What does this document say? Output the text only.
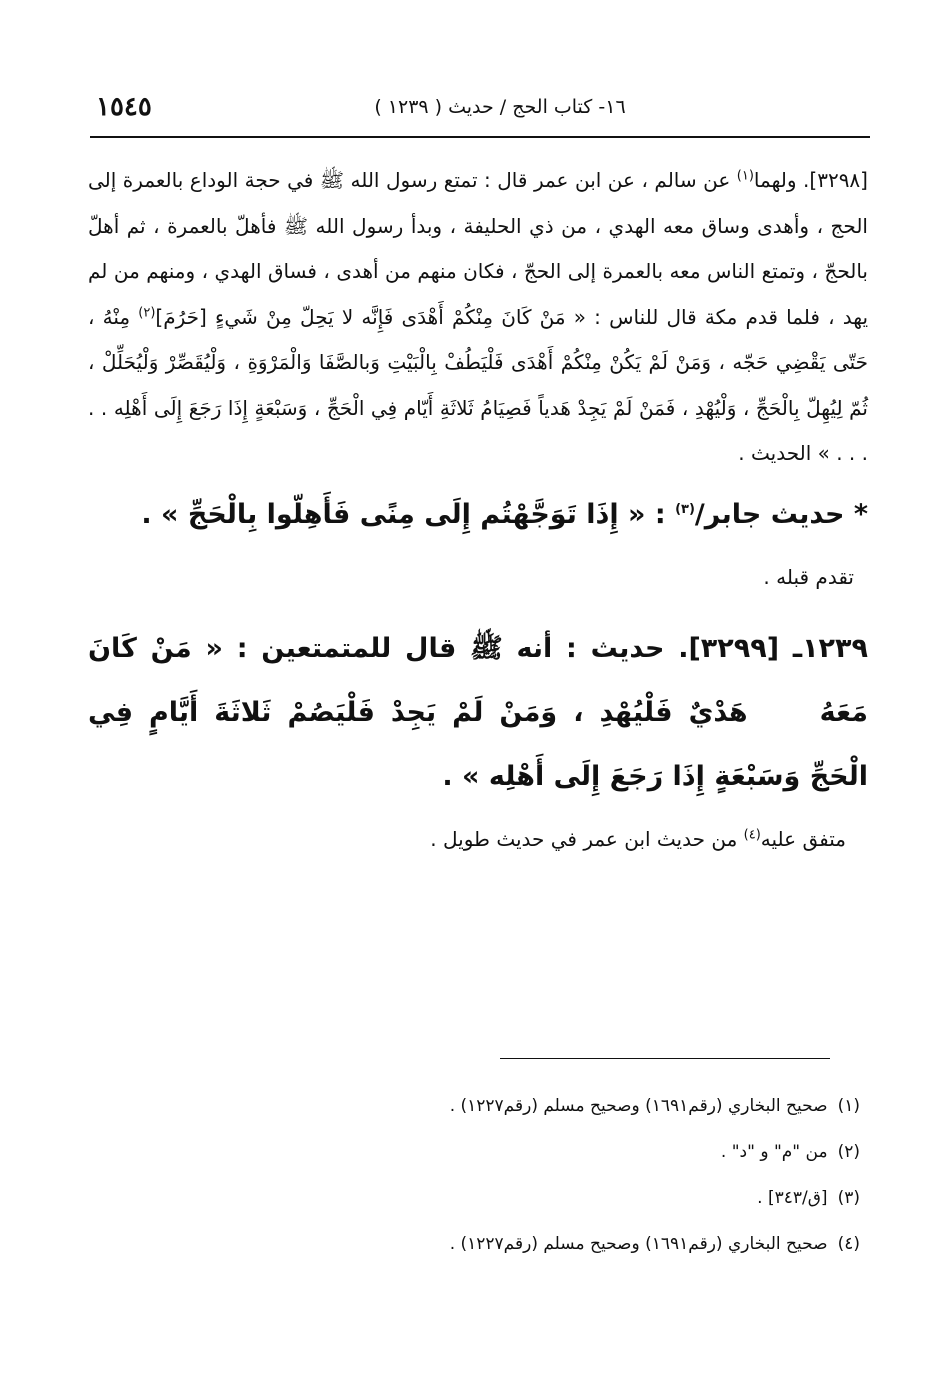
١٥٤٥	١٦- كتاب الحج / حديث ( ١٢٣٩ )

[٣٢٩٨]. ولهما$^{(١)}$ عن سالم ، عن ابن عمر قال : تمتع رسول الله ﷺ في حجة الوداع بالعمرة إلى الحج ، وأهدى وساق معه الهدي ، من ذي الحليفة ، وبدأ رسول الله ﷺ فأهلّ بالعمرة ، ثم أهلّ بالحجّ ، وتمتع الناس معه بالعمرة إلى الحجّ ، فكان منهم من أهدى ، فساق الهدي ، ومنهم من لم يهد ، فلما قدم مكة قال للناس : « مَنْ كَانَ مِنْكُمْ أَهْدَى فَإِنَّه لا يَحِلّ مِنْ شَيءٍ [حَرُمَ]$^{(٢)}$ مِنْهُ ، حَتّى يَقْضِي حَجّه ، وَمَنْ لَمْ يَكُنْ مِنْكُمْ أَهْدَى فَلْيَطُفْ بِالْبَيْتِ وَبالصَّفَا وَالْمَرْوَةِ ، وَلْيُقَصِّرْ وَلْيُحَلِّلْ ، ثُمّ لِيُهِلّ بِالْحَجِّ ، وَلْيُهْدِ ، فَمَنْ لَمْ يَجِدْ هَدياً فَصِيَامُ ثَلاثَةِ أَيّام فِي الْحَجِّ ، وَسَبْعَةٍ إِذَا رَجَعَ إِلَى أَهْلِه . . . . . » الحديث .

* حديث جابر/$^{(٣)}$ : « إِذَا تَوَجَّهْتُم إِلَى مِنًى فَأَهِلّوا بِالْحَجِّ » .

تقدم قبله .

١٢٣٩ـ [٣٢٩٩]. حديث : أنه ﷺ قال للمتمتعين : « مَنْ كَانَ مَعَهُ هَدْيٌ فَلْيُهْدِ ، وَمَنْ لَمْ يَجِدْ فَلْيَصُمْ ثَلاثَةَ أَيَّامٍ فِي الْحَجِّ وَسَبْعَةٍ إِذَا رَجَعَ إِلَى أَهْلِه » .

متفق عليه$^{(٤)}$ من حديث ابن عمر في حديث طويل .

(١)صحيح البخاري (رقم١٦٩١) وصحيح مسلم (رقم١٢٢٧) .
(٢)من "م" و "د" .
(٣)[ق/٣٤٣] .
(٤)صحيح البخاري (رقم١٦٩١) وصحيح مسلم (رقم١٢٢٧) .
